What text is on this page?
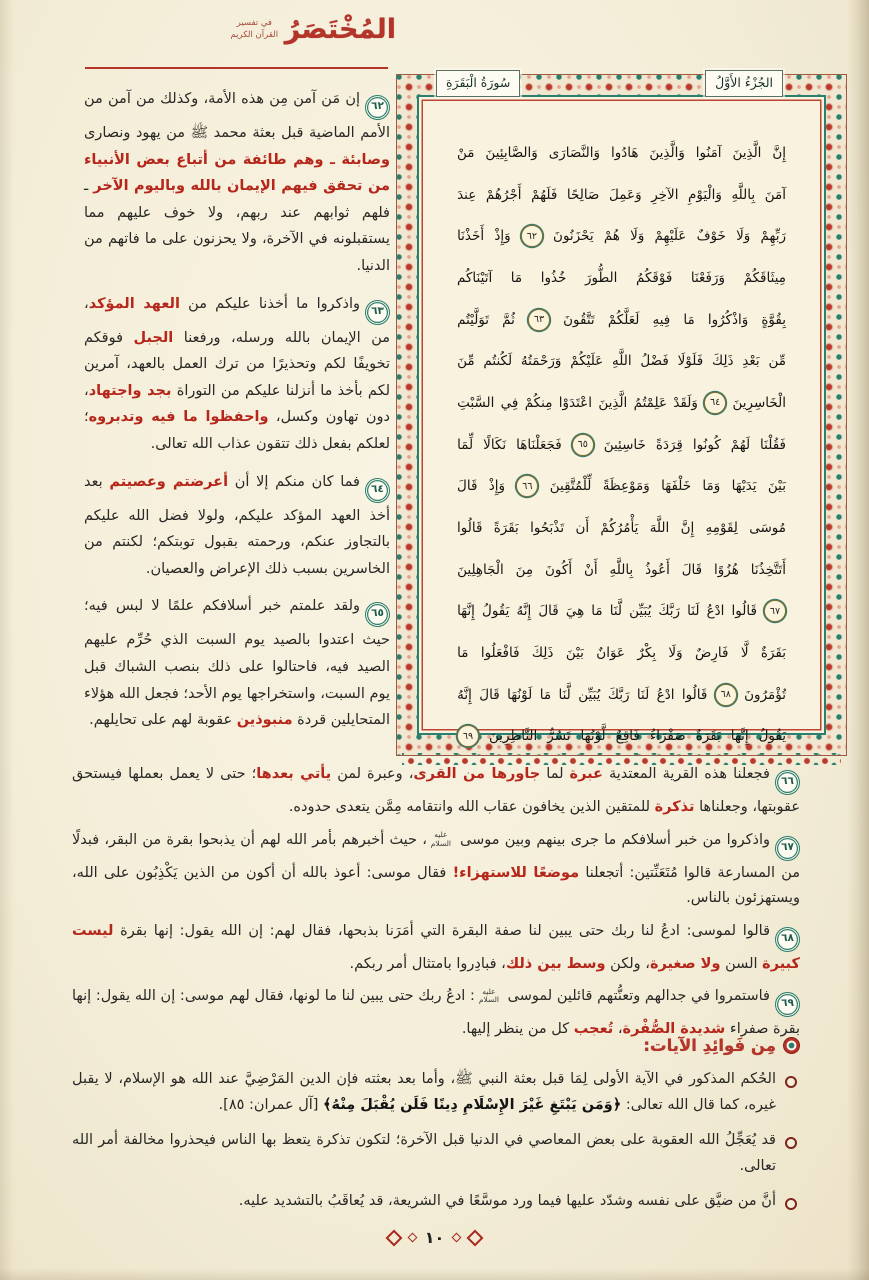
المُخْتَصَرُ
في تفسير القرآن الكريم

٦٢إن مَن آمن مِن هذه الأمة، وكذلك من آمن من الأمم الماضية قبل بعثة محمد ﷺ من يهود ونصارى وصابئة ـ وهم طائفة من أتباع بعض الأنبياء من تحقق فيهم الإيمان بالله وباليوم الآخر ـ فلهم ثوابهم عند ربهم، ولا خوف عليهم مما يستقبلونه في الآخرة، ولا يحزنون على ما فاتهم من الدنيا.

٦٣واذكروا ما أخذنا عليكم من العهد المؤكد، من الإيمان بالله ورسله، ورفعنا الجبل فوقكم تخويفًا لكم وتحذيرًا من ترك العمل بالعهد، آمرين لكم بأخذ ما أنزلنا عليكم من التوراة بجد واجتهاد، دون تهاون وكسل، واحفظوا ما فيه وتدبروه؛ لعلكم بفعل ذلك تتقون عذاب الله تعالى.

٦٤فما كان منكم إلا أن أعرضتم وعصيتم بعد أخذ العهد المؤكد عليكم، ولولا فضل الله عليكم بالتجاوز عنكم، ورحمته بقبول توبتكم؛ لكنتم من الخاسرين بسبب ذلك الإعراض والعصيان.

٦٥ولقد علمتم خبر أسلافكم علمًا لا لبس فيه؛ حيث اعتدوا بالصيد يوم السبت الذي حُرِّم عليهم الصيد فيه، فاحتالوا على ذلك بنصب الشباك قبل يوم السبت، واستخراجها يوم الأحد؛ فجعل الله هؤلاء المتحايلين قردة منبوذين عقوبة لهم على تحايلهم.

سُورَةُ الْبَقَرَةِ	الجُزْءُ الأَوَّلُ
إِنَّ
الَّذِينَ
آمَنُوا
وَالَّذِينَ
هَادُوا
وَالنَّصَارَى
وَالصَّابِئِينَ
مَنْ
آمَنَ
بِاللَّهِ
وَالْيَوْمِ
الآخِرِ
وَعَمِلَ
صَالِحًا
فَلَهُمْ
أَجْرُهُمْ
عِندَ
رَبِّهِمْ
وَلَا
خَوْفٌ
عَلَيْهِمْ
وَلَا
هُمْ
يَحْزَنُونَ
٦٢
وَإِذْ
أَخَذْنَا
مِيثَاقَكُمْ
وَرَفَعْنَا
فَوْقَكُمُ
الطُّورَ
خُذُوا
مَا
آتَيْنَاكُم
بِقُوَّةٍ
وَاذْكُرُوا
مَا
فِيهِ
لَعَلَّكُمْ
تَتَّقُونَ
٦٣
ثُمَّ
تَوَلَّيْتُم
مِّن
بَعْدِ
ذَلِكَ
فَلَوْلَا
فَضْلُ
اللَّهِ
عَلَيْكُمْ
وَرَحْمَتُهُ
لَكُنتُم
مِّنَ
الْخَاسِرِينَ
٦٤
وَلَقَدْ
عَلِمْتُمُ
الَّذِينَ
اعْتَدَوْا
مِنكُمْ
فِي
السَّبْتِ
فَقُلْنَا
لَهُمْ
كُونُوا
قِرَدَةً
خَاسِئِينَ
٦٥
فَجَعَلْنَاهَا
نَكَالًا
لِّمَا
بَيْنَ
يَدَيْهَا
وَمَا
خَلْفَهَا
وَمَوْعِظَةً
لِّلْمُتَّقِينَ
٦٦
وَإِذْ
قَالَ
مُوسَى
لِقَوْمِهِ
إِنَّ
اللَّهَ
يَأْمُرُكُمْ
أَن
تَذْبَحُوا
بَقَرَةً
قَالُوا
أَتَتَّخِذُنَا
هُزُوًا
قَالَ
أَعُوذُ
بِاللَّهِ
أَنْ
أَكُونَ
مِنَ
الْجَاهِلِينَ
٦٧
قَالُوا
ادْعُ
لَنَا
رَبَّكَ
يُبَيِّن
لَّنَا
مَا
هِيَ
قَالَ
إِنَّهُ
يَقُولُ
إِنَّهَا
بَقَرَةٌ
لَّا
فَارِضٌ
وَلَا
بِكْرٌ
عَوَانٌ
بَيْنَ
ذَلِكَ
فَافْعَلُوا
مَا
تُؤْمَرُونَ
٦٨
قَالُوا
ادْعُ
لَنَا
رَبَّكَ
يُبَيِّن
لَّنَا
مَا
لَوْنُهَا
قَالَ
إِنَّهُ
يَقُولُ
إِنَّهَا
بَقَرَةٌ
صَفْرَاءُ
فَاقِعٌ
لَّوْنُهَا
تَسُرُّ
النَّاظِرِينَ
٦٩

٦٦فجعلنا هذه القرية المعتدية عبرة لما جاورها من القرى، وعبرة لمن يأتي بعدها؛ حتى لا يعمل بعملها فيستحق عقوبتها، وجعلناها تذكرة للمتقين الذين يخافون عقاب الله وانتقامه مِمَّن يتعدى حدوده.

٦٧واذكروا من خبر أسلافكم ما جرى بينهم وبين موسى عليه السلام، حيث أخبرهم بأمر الله لهم أن يذبحوا بقرة من البقر، فبدلًا من المسارعة قالوا مُتَعَنِّتين: أتجعلنا موضعًا للاستهزاء! فقال موسى: أعوذ بالله أن أكون من الذين يَكْذِبُون على الله، ويستهزئون بالناس.

٦٨قالوا لموسى: ادعُ لنا ربك حتى يبين لنا صفة البقرة التي أمَرَنا بذبحها، فقال لهم: إن الله يقول: إنها بقرة ليست كبيرة السن ولا صغيرة، ولكن وسط بين ذلك، فبادِروا بامتثال أمر ربكم.

٦٩فاستمروا في جدالهم وتعنُّتهم قائلين لموسى عليه السلام: ادعُ ربك حتى يبين لنا ما لونها، فقال لهم موسى: إن الله يقول: إنها بقرة صفراء شديدة الصُّفْرة، تُعجب كل من ينظر إليها.

مِن فَوائِدِ الآيات:
الحُكم المذكور في الآية الأولى لِمَا قبل بعثة النبي ﷺ، وأما بعد بعثته فإن الدين المَرْضِيَّ عند الله هو الإسلام، لا يقبل غيره، كما قال الله تعالى: ﴿وَمَن يَبْتَغِ غَيْرَ الإِسْلَامِ دِينًا فَلَن يُقْبَلَ مِنْهُ﴾ [آل عمران: ٨٥].
قد يُعَجِّلُ الله العقوبة على بعض المعاصي في الدنيا قبل الآخرة؛ لتكون تذكرة يتعظ بها الناس فيحذروا مخالفة أمر الله تعالى.
أنَّ من ضيَّق على نفسه وشدّد عليها فيما ورد موسَّعًا في الشريعة، قد يُعاقَبُ بالتشديد عليه.
١٠
